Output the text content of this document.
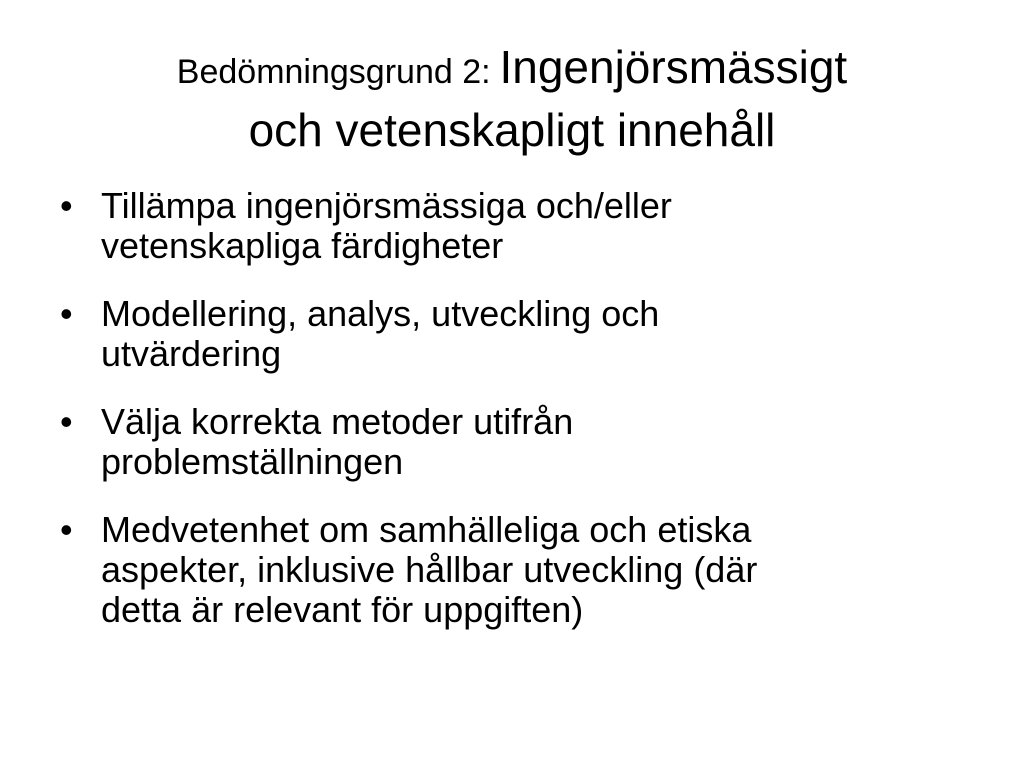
Bedömningsgrund 2: Ingenjörsmässigt
och vetenskapligt innehåll
• Tillämpa ingenjörsmässiga och/eller
vetenskapliga färdigheter
• Modellering, analys, utveckling och
utvärdering
• Välja korrekta metoder utifrån
problemställningen
• Medvetenhet om samhälleliga och etiska
aspekter, inklusive hållbar utveckling (där
detta är relevant för uppgiften)
